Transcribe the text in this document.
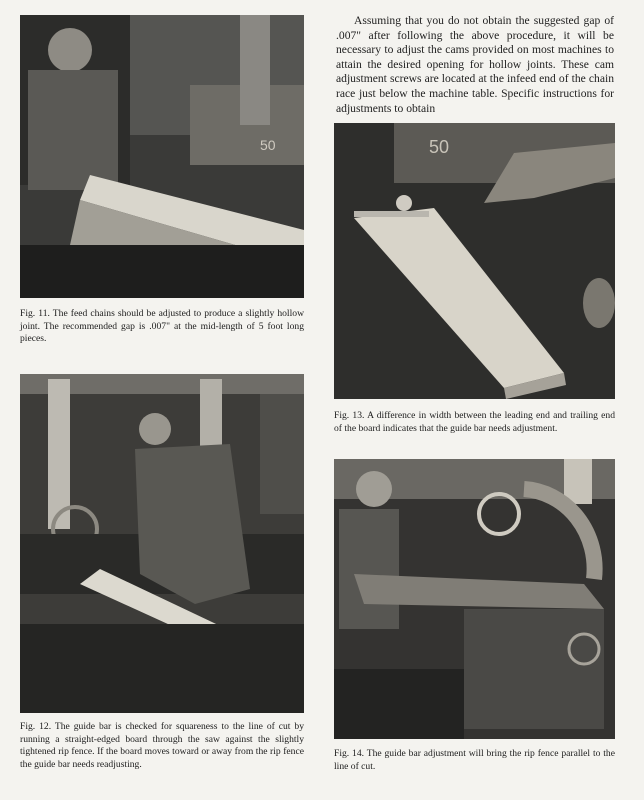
50

Fig. 11. The feed chains should be adjusted to produce a slightly hollow joint. The recommended gap is .007" at the mid-length of 5 foot long pieces.

Assuming that you do not obtain the suggested gap of .007" after following the above procedure, it will be necessary to adjust the cams provided on most machines to attain the desired opening for hollow joints. These cam adjustment screws are located at the infeed end of the chain race just below the machine table. Specific instructions for adjustments to obtain

50

Fig. 13. A difference in width between the leading end and trailing end of the board indicates that the guide bar needs adjustment.

Fig. 12. The guide bar is checked for squareness to the line of cut by running a straight-edged board through the saw against the slightly tightened rip fence. If the board moves toward or away from the rip fence the guide bar needs readjusting.

Fig. 14. The guide bar adjustment will bring the rip fence parallel to the line of cut.
